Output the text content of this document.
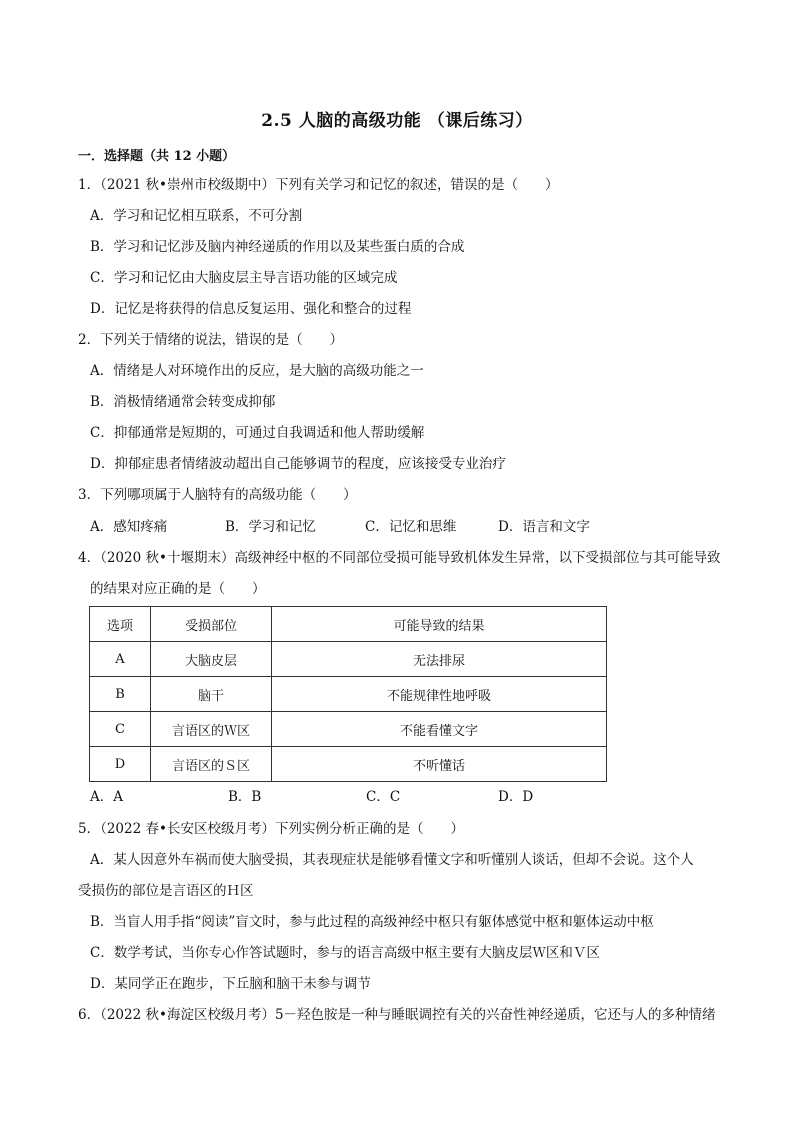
2.5 人脑的高级功能 （课后练习）
一．选择题（共 12 小题）
1．（2021 秋•崇州市校级期中）下列有关学习和记忆的叙述，错误的是（　　）
A．学习和记忆相互联系，不可分割
B．学习和记忆涉及脑内神经递质的作用以及某些蛋白质的合成
C．学习和记忆由大脑皮层主导言语功能的区域完成
D．记忆是将获得的信息反复运用、强化和整合的过程
2．下列关于情绪的说法，错误的是（　　）
A．情绪是人对环境作出的反应，是大脑的高级功能之一
B．消极情绪通常会转变成抑郁
C．抑郁通常是短期的，可通过自我调适和他人帮助缓解
D．抑郁症患者情绪波动超出自己能够调节的程度，应该接受专业治疗
3．下列哪项属于人脑特有的高级功能（　　）
A．感知疼痛	B．学习和记忆	C．记忆和思维	D．语言和文字
4．（2020 秋•十堰期末）高级神经中枢的不同部位受损可能导致机体发生异常，以下受损部位与其可能导致
的结果对应正确的是（　　）
选项	受损部位	可能导致的结果
A	大脑皮层	无法排尿
B	脑干	不能规律性地呼吸
C	言语区的Ｗ区	不能看懂文字
D	言语区的Ｓ区	不听懂话
A．A	B．B	C．C	D．D
5．（2022 春•长安区校级月考）下列实例分析正确的是（　　）
A．某人因意外车祸而使大脑受损，其表现症状是能够看懂文字和听懂别人谈话，但却不会说。这个人
受损伤的部位是言语区的Ｈ区
B．当盲人用手指“阅读”盲文时，参与此过程的高级神经中枢只有躯体感觉中枢和躯体运动中枢
C．数学考试，当你专心作答试题时，参与的语言高级中枢主要有大脑皮层Ｗ区和Ｖ区
D．某同学正在跑步，下丘脑和脑干未参与调节
6．（2022 秋•海淀区校级月考）5－羟色胺是一种与睡眠调控有关的兴奋性神经递质，它还与人的多种情绪
